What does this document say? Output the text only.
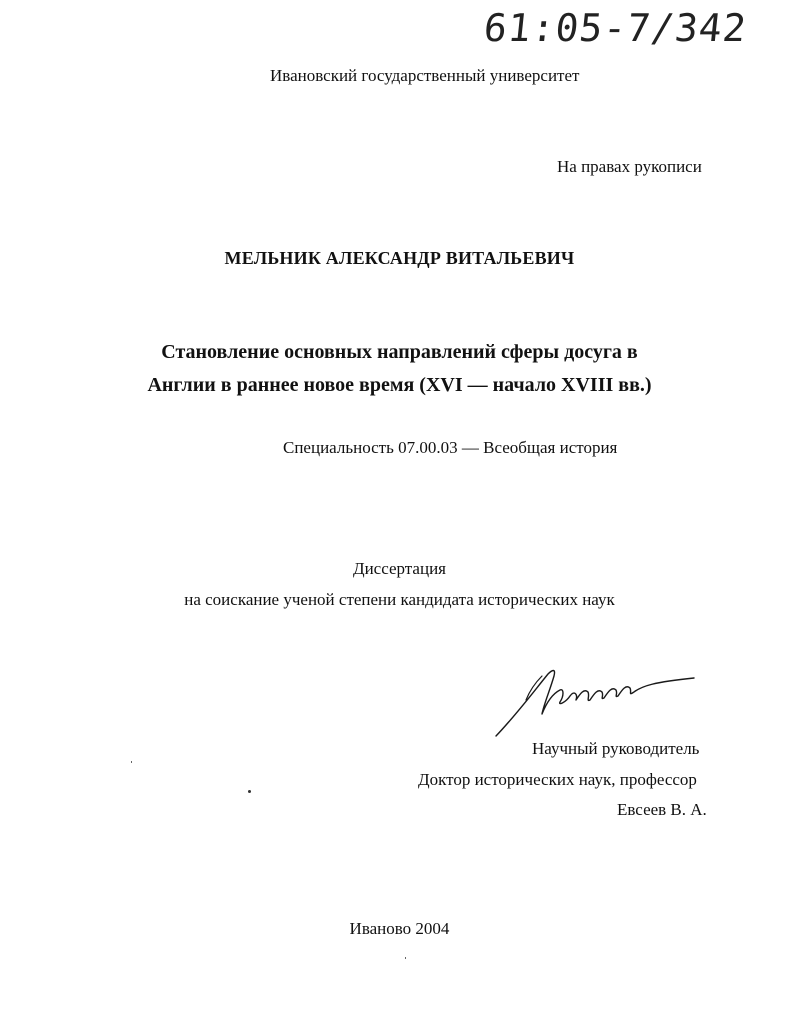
61:05-7/342
Ивановский государственный университет
На правах рукописи
МЕЛЬНИК АЛЕКСАНДР ВИТАЛЬЕВИЧ
Становление основных направлений сферы досуга в
Англии в раннее новое время (XVI — начало XVIII вв.)
Специальность 07.00.03 — Всеобщая история
Диссертация
на соискание ученой степени кандидата исторических наук
Научный руководитель
Доктор исторических наук, профессор
Евсеев В. А.
Иваново 2004
